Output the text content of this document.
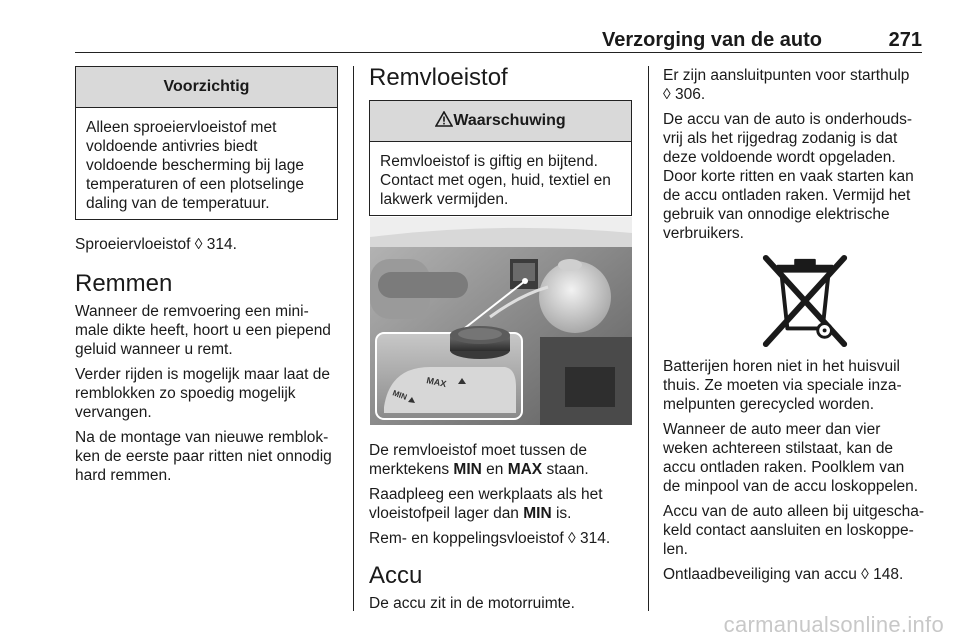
Verzorging van de auto	271
Voorzichtig

Alleen sproeiervloeistof met

voldoende antivries biedt

voldoende bescherming bij lage

temperaturen of een plotselinge

daling van de temperatuur.

Sproeiervloeistof ◊ 314.

Remmen

Wanneer de remvoering een mini-
male dikte heeft, hoort u een piepend
geluid wanneer u remt.

Verder rijden is mogelijk maar laat de
remblokken zo spoedig mogelijk
vervangen.

Na de montage van nieuwe remblok-
ken de eerste paar ritten niet onnodig
hard remmen.

Remvloeistof
Waarschuwing

Remvloeistof is giftig en bijtend.

Contact met ogen, huid, textiel en

lakwerk vermijden.

MAX
MIN

De remvloeistof moet tussen de
merktekens MIN en MAX staan.

Raadpleeg een werkplaats als het
vloeistofpeil lager dan MIN is.

Rem- en koppelingsvloeistof ◊ 314.

Accu

De accu zit in de motorruimte.

Er zijn aansluitpunten voor starthulp
◊ 306.

De accu van de auto is onderhouds-
vrij als het rijgedrag zodanig is dat
deze voldoende wordt opgeladen.
Door korte ritten en vaak starten kan
de accu ontladen raken. Vermijd het
gebruik van onnodige elektrische
verbruikers.

Batterijen horen niet in het huisvuil
thuis. Ze moeten via speciale inza-
melpunten gerecycled worden.

Wanneer de auto meer dan vier
weken achtereen stilstaat, kan de
accu ontladen raken. Poolklem van
de minpool van de accu loskoppelen.

Accu van de auto alleen bij uitgescha-
keld contact aansluiten en loskoppe-
len.

Ontlaadbeveiliging van accu ◊ 148.

carmanualsonline.info
